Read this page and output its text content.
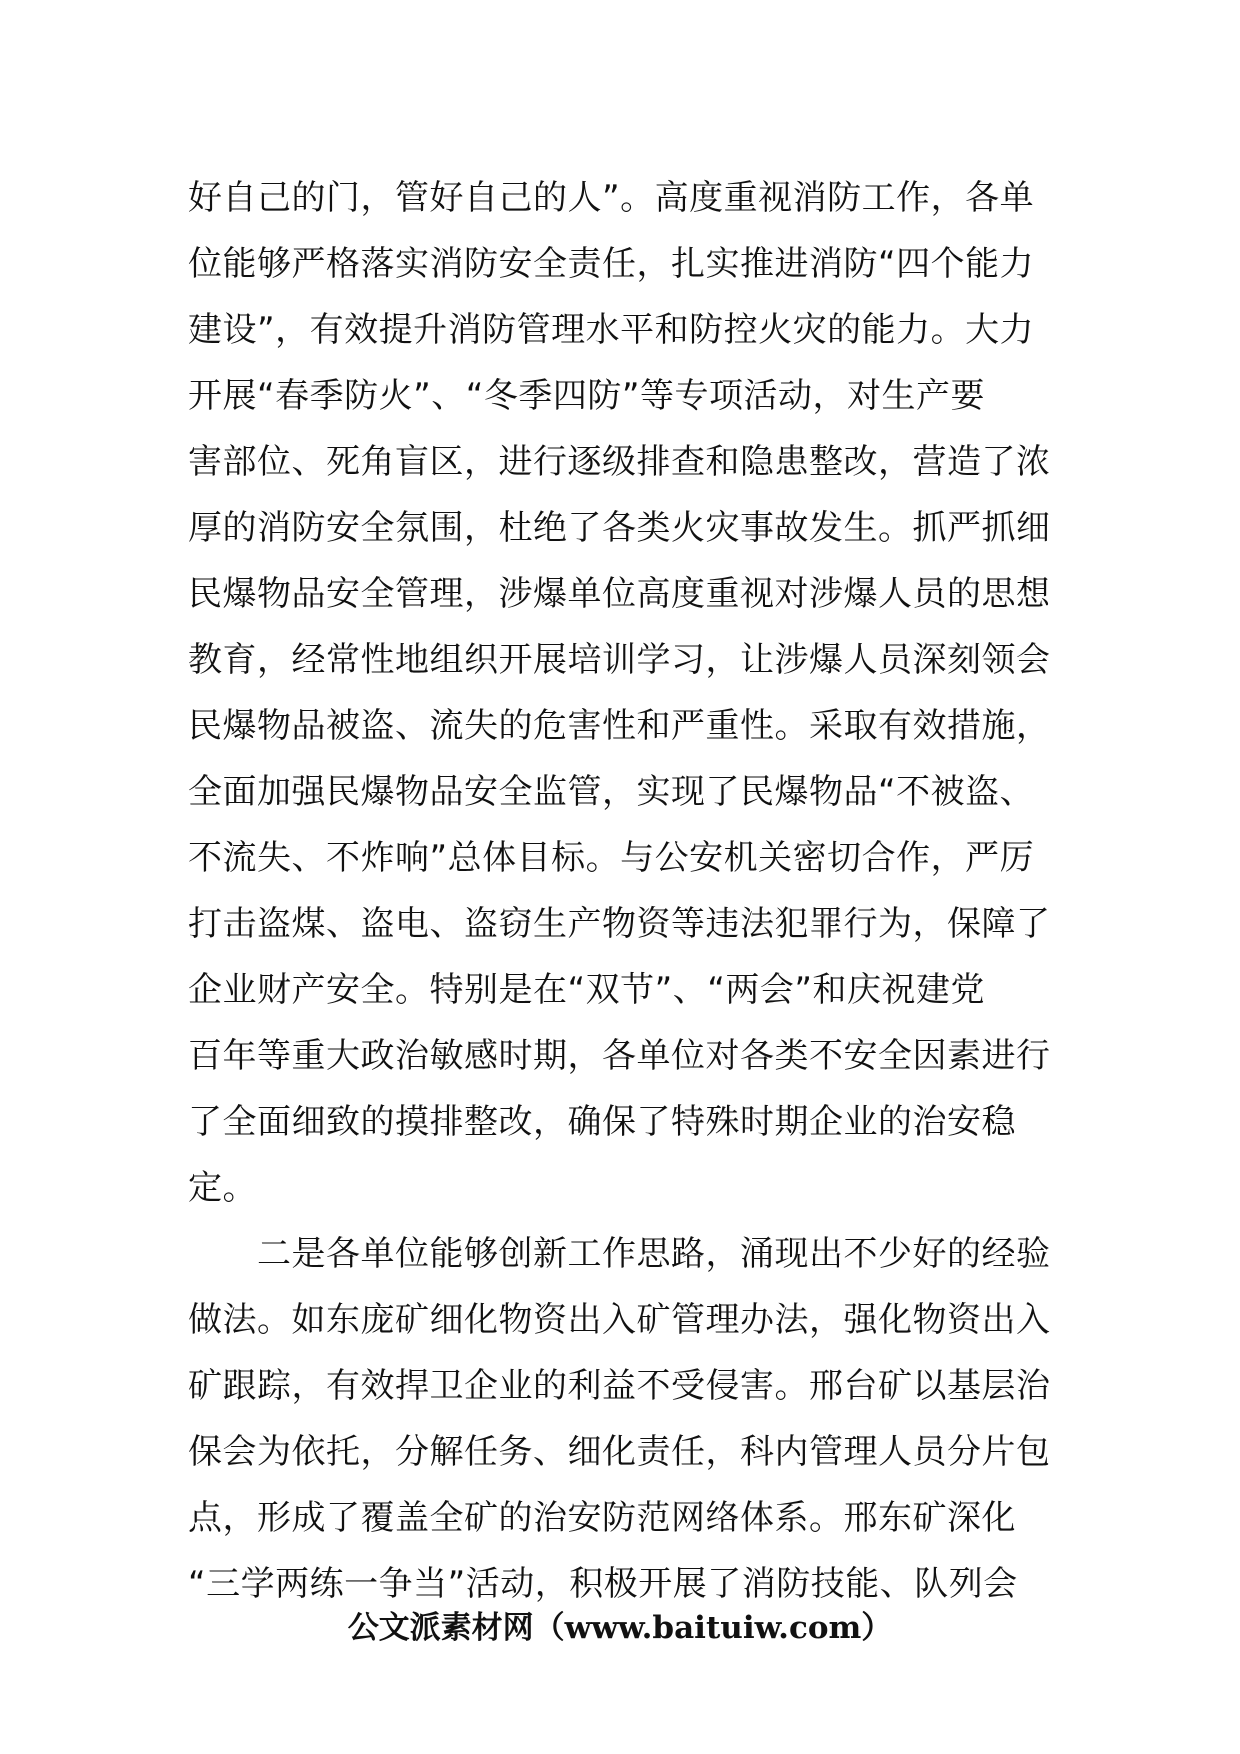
好自己的门，管好自己的人”。高度重视消防工作，各单
位能够严格落实消防安全责任，扎实推进消防“四个能力
建设”，有效提升消防管理水平和防控火灾的能力。大力
开展“春季防火”、“冬季四防”等专项活动，对生产要
害部位、死角盲区，进行逐级排查和隐患整改，营造了浓
厚的消防安全氛围，杜绝了各类火灾事故发生。抓严抓细
民爆物品安全管理，涉爆单位高度重视对涉爆人员的思想
教育，经常性地组织开展培训学习，让涉爆人员深刻领会
民爆物品被盗、流失的危害性和严重性。采取有效措施，
全面加强民爆物品安全监管，实现了民爆物品“不被盗、
不流失、不炸响”总体目标。与公安机关密切合作，严厉
打击盗煤、盗电、盗窃生产物资等违法犯罪行为，保障了
企业财产安全。特别是在“双节”、“两会”和庆祝建党
百年等重大政治敏感时期，各单位对各类不安全因素进行
了全面细致的摸排整改，确保了特殊时期企业的治安稳
定。
　　二是各单位能够创新工作思路，涌现出不少好的经验
做法。如东庞矿细化物资出入矿管理办法，强化物资出入
矿跟踪，有效捍卫企业的利益不受侵害。邢台矿以基层治
保会为依托，分解任务、细化责任，科内管理人员分片包
点，形成了覆盖全矿的治安防范网络体系。邢东矿深化
“三学两练一争当”活动，积极开展了消防技能、队列会
公文派素材网（www.baituiw.com）
